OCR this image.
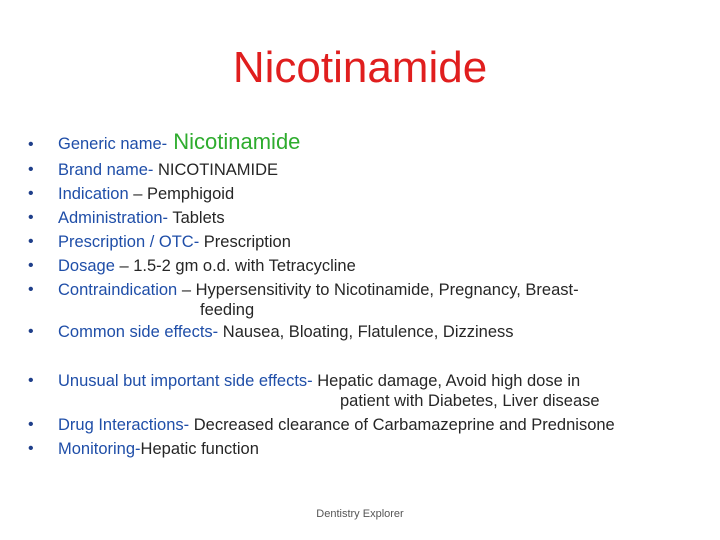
Nicotinamide
•	Generic name- Nicotinamide
•	Brand name- NICOTINAMIDE
•	Indication – Pemphigoid
•	Administration- Tablets
•	Prescription / OTC- Prescription
•	Dosage – 1.5-2 gm o.d. with Tetracycline
•	Contraindication – Hypersensitivity to Nicotinamide, Pregnancy, Breast-
feeding
•	Common side effects- Nausea, Bloating, Flatulence, Dizziness
•	Unusual but important side effects- Hepatic damage, Avoid high dose in
patient with Diabetes, Liver disease
•	Drug Interactions- Decreased clearance of Carbamazeprine and Prednisone
•	Monitoring-Hepatic function
Dentistry Explorer
